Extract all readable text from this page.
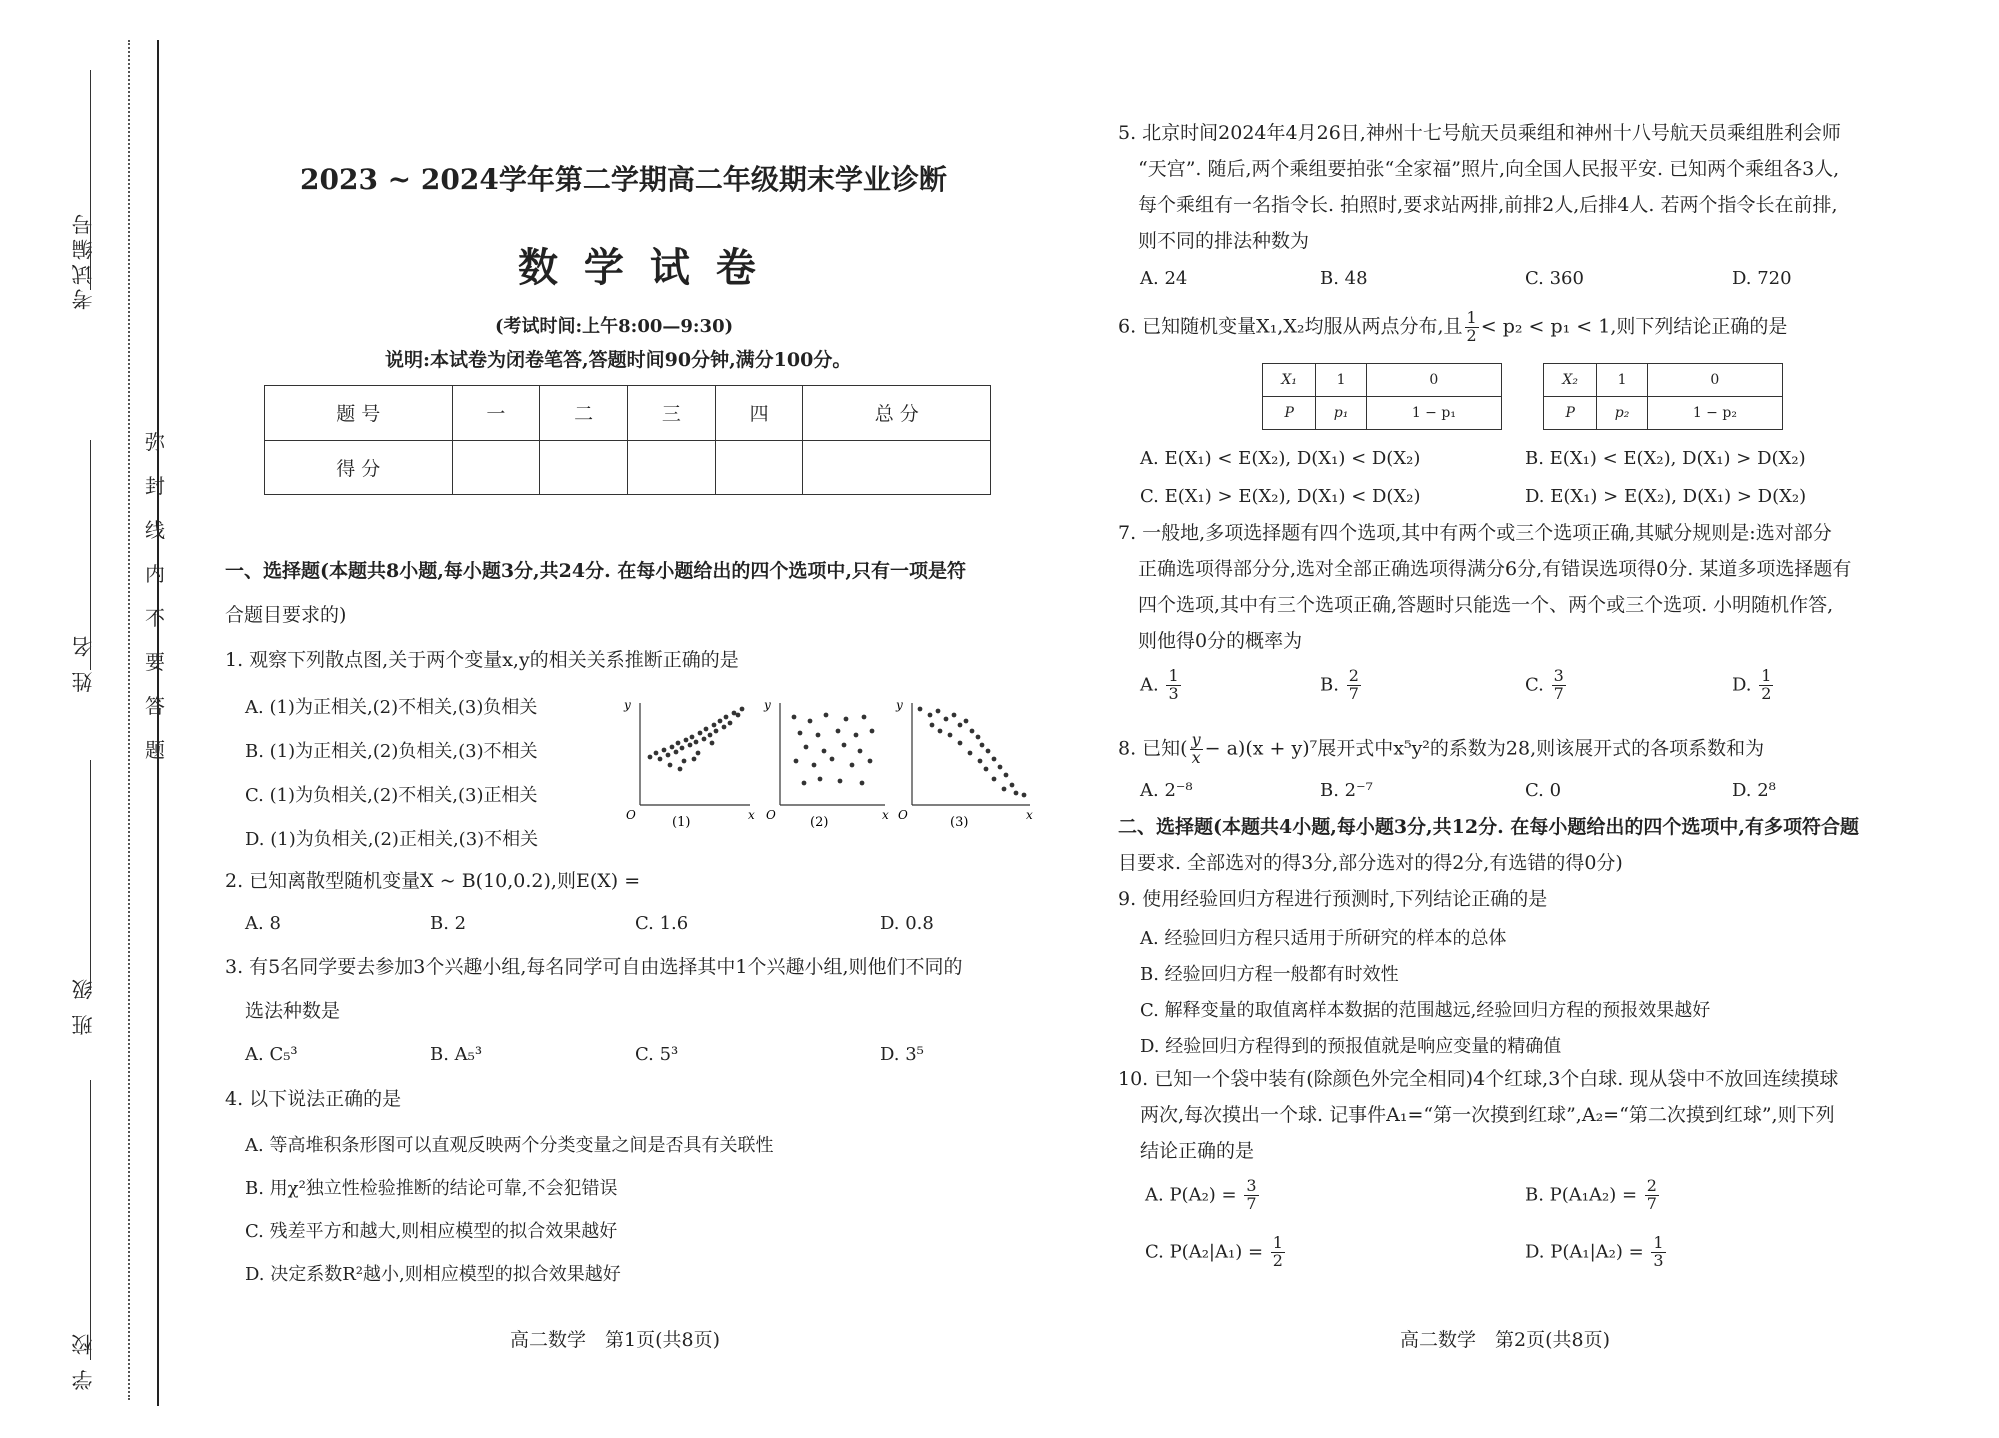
考试编号
姓 名
班 级
学 校
弥 封 线 内 不 要 答 题
2023 ~ 2024学年第二学期高二年级期末学业诊断
数 学 试 卷
(考试时间:上午8:00—9:30)
说明:本试卷为闭卷笔答,答题时间90分钟,满分100分。
题 号	一	二	三	四	总 分
得 分					
一、选择题(本题共8小题,每小题3分,共24分. 在每小题给出的四个选项中,只有一项是符
合题目要求的)
1. 观察下列散点图,关于两个变量x,y的相关关系推断正确的是
A. (1)为正相关,(2)不相关,(3)负相关
B. (1)为正相关,(2)负相关,(3)不相关
C. (1)为负相关,(2)不相关,(3)正相关
D. (1)为负相关,(2)正相关,(3)不相关
y
x
O	(1)
y
x
O	(2)
y
x
O	(3)
2. 已知离散型随机变量X ~ B(10,0.2),则E(X) =
A. 8	B. 2	C. 1.6	D. 0.8
3. 有5名同学要去参加3个兴趣小组,每名同学可自由选择其中1个兴趣小组,则他们不同的
选法种数是
A. C₅³	B. A₅³	C. 5³	D. 3⁵
4. 以下说法正确的是
A. 等高堆积条形图可以直观反映两个分类变量之间是否具有关联性
B. 用χ²独立性检验推断的结论可靠,不会犯错误
C. 残差平方和越大,则相应模型的拟合效果越好
D. 决定系数R²越小,则相应模型的拟合效果越好
高二数学　第1页(共8页)
5. 北京时间2024年4月26日,神州十七号航天员乘组和神州十八号航天员乘组胜利会师
“天宫”. 随后,两个乘组要拍张“全家福”照片,向全国人民报平安. 已知两个乘组各3人,
每个乘组有一名指令长. 拍照时,要求站两排,前排2人,后排4人. 若两个指令长在前排,
则不同的排法种数为
A. 24	B. 48	C. 360	D. 720
6. 已知随机变量X₁,X₂均服从两点分布,且 $\frac{1}{2} < p_2 < p_1 < 1$,则下列结论正确的是
X₁	1	0
P	p₁	1 − p₁
X₂	1	0
P	p₂	1 − p₂
A. E(X₁) < E(X₂), D(X₁) < D(X₂)	B. E(X₁) < E(X₂), D(X₁) > D(X₂)
C. E(X₁) > E(X₂), D(X₁) < D(X₂)	D. E(X₁) > E(X₂), D(X₁) > D(X₂)
7. 一般地,多项选择题有四个选项,其中有两个或三个选项正确,其赋分规则是:选对部分
正确选项得部分分,选对全部正确选项得满分6分,有错误选项得0分. 某道多项选择题有
四个选项,其中有三个选项正确,答题时只能选一个、两个或三个选项. 小明随机作答,
则他得0分的概率为
A. $\frac{1}{3}$	B. $\frac{2}{7}$	C. $\frac{3}{7}$	D. $\frac{1}{2}$
8. 已知( $\frac{y}{x} - a)(x + y)^7$展开式中x⁵y²的系数为28,则该展开式的各项系数和为
A. 2⁻⁸	B. 2⁻⁷	C. 0	D. 2⁸
二、选择题(本题共4小题,每小题3分,共12分. 在每小题给出的四个选项中,有多项符合题
目要求. 全部选对的得3分,部分选对的得2分,有选错的得0分)
9. 使用经验回归方程进行预测时,下列结论正确的是
A. 经验回归方程只适用于所研究的样本的总体
B. 经验回归方程一般都有时效性
C. 解释变量的取值离样本数据的范围越远,经验回归方程的预报效果越好
D. 经验回归方程得到的预报值就是响应变量的精确值
10. 已知一个袋中装有(除颜色外完全相同)4个红球,3个白球. 现从袋中不放回连续摸球
两次,每次摸出一个球. 记事件A₁=“第一次摸到红球”,A₂=“第二次摸到红球”,则下列
结论正确的是
A. $P(A_2) = \frac{3}{7}$	B. $P(A_1A_2) = \frac{2}{7}$
C. $P(A_2|A_1) = \frac{1}{2}$	D. $P(A_1|A_2) = \frac{1}{3}$
高二数学　第2页(共8页)
